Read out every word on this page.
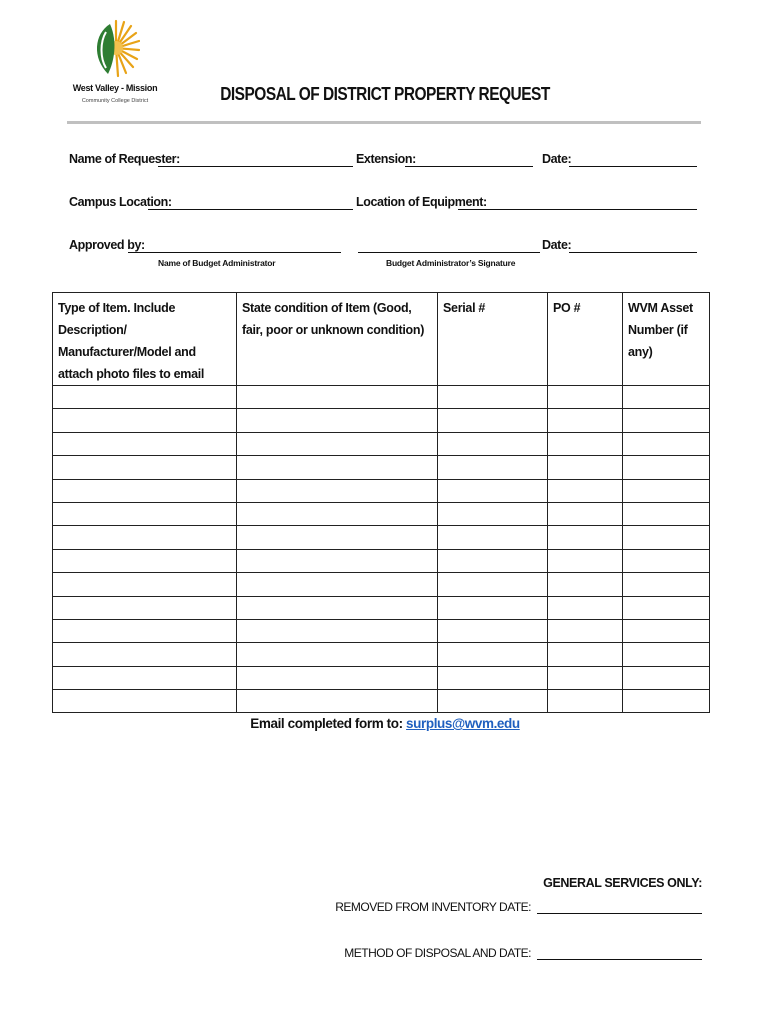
West Valley - Mission
Community College District	DISPOSAL OF DISTRICT PROPERTY REQUEST
Name of Requester:	Extension:	Date:
Campus Location:	Location of Equipment:
Approved by:	Date:
Name of Budget Administrator	Budget Administrator’s Signature
Type of Item. Include Description/ Manufacturer/Model and attach photo files to email	State condition of Item (Good, fair, poor or unknown condition)	Serial #	PO #	WVM Asset Number (if any)

Email completed form to: surplus@wvm.edu
GENERAL SERVICES ONLY:
REMOVED FROM INVENTORY DATE:
METHOD OF DISPOSAL AND DATE:
